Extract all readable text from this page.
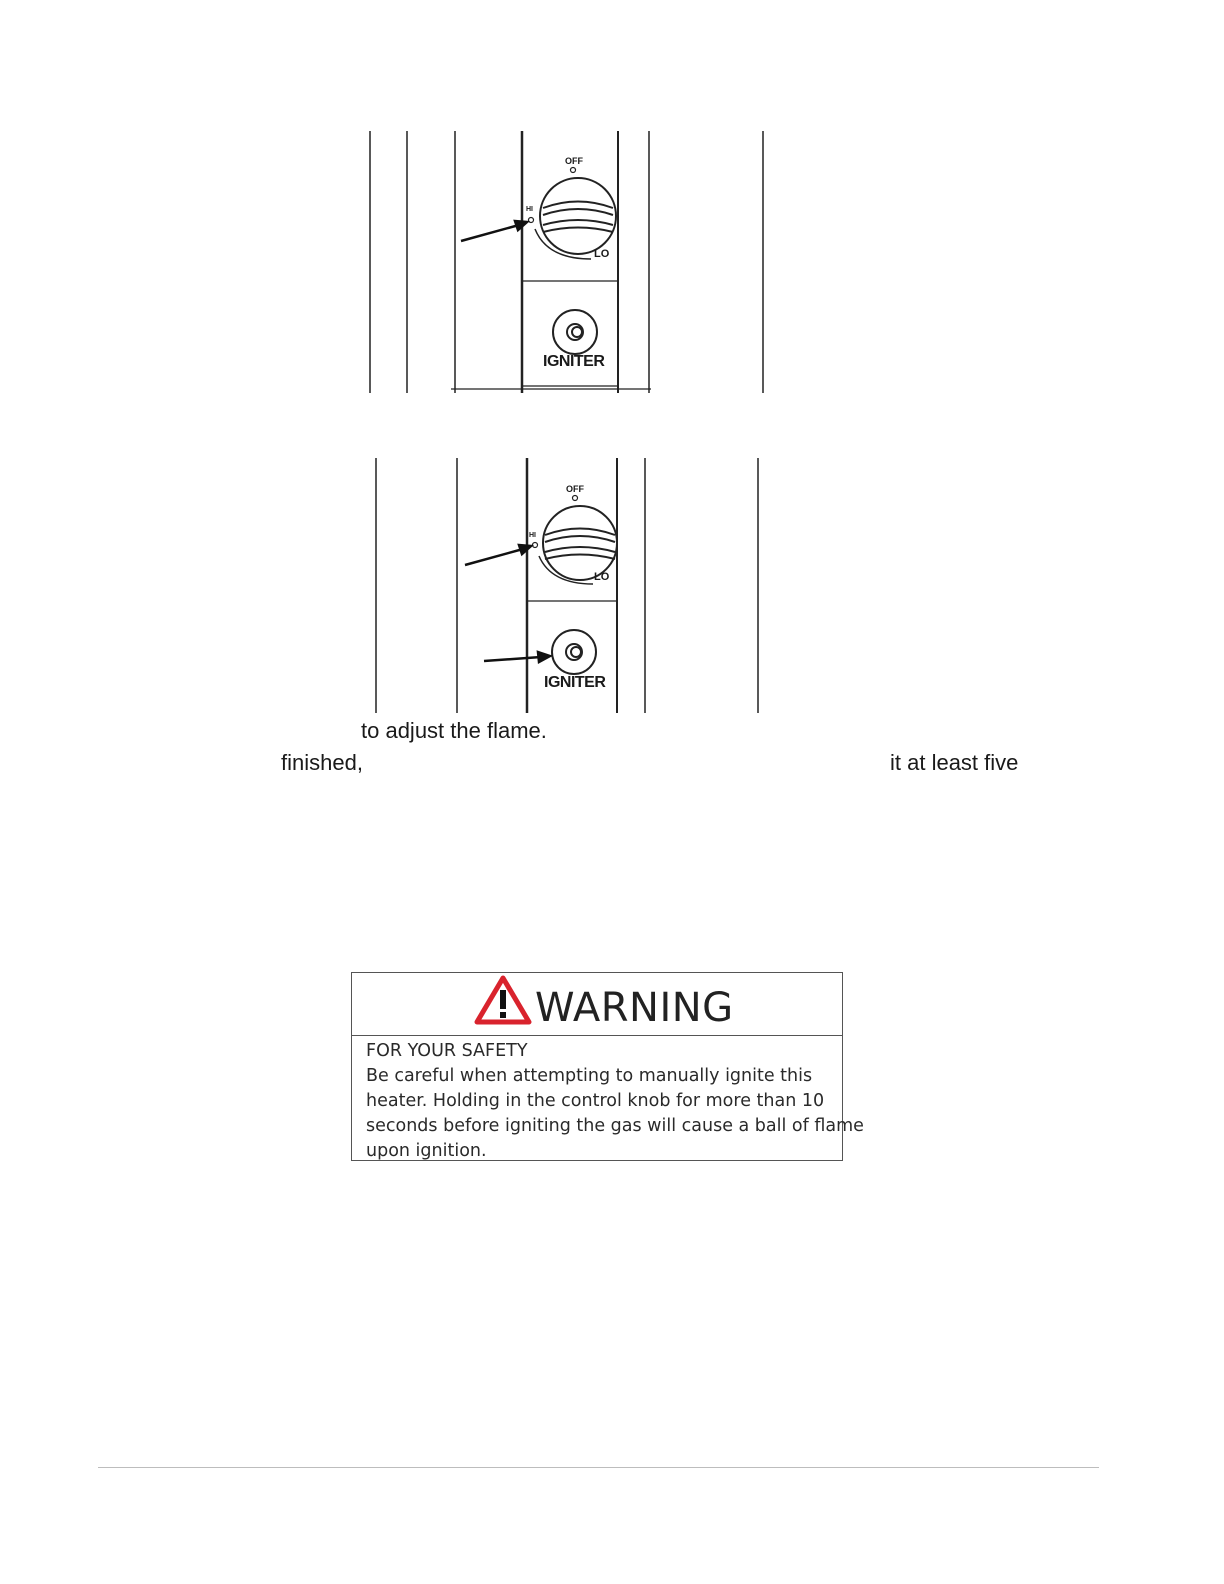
OFF
HI
LO
IGNITER
OFF
HI
LO
IGNITER
to adjust the flame.
finished,	it at least five
WARNING
FOR YOUR SAFETY
Be careful when attempting to manually ignite this
heater. Holding in the control knob for more than 10
seconds before igniting the gas will cause a ball of flame
upon ignition.
